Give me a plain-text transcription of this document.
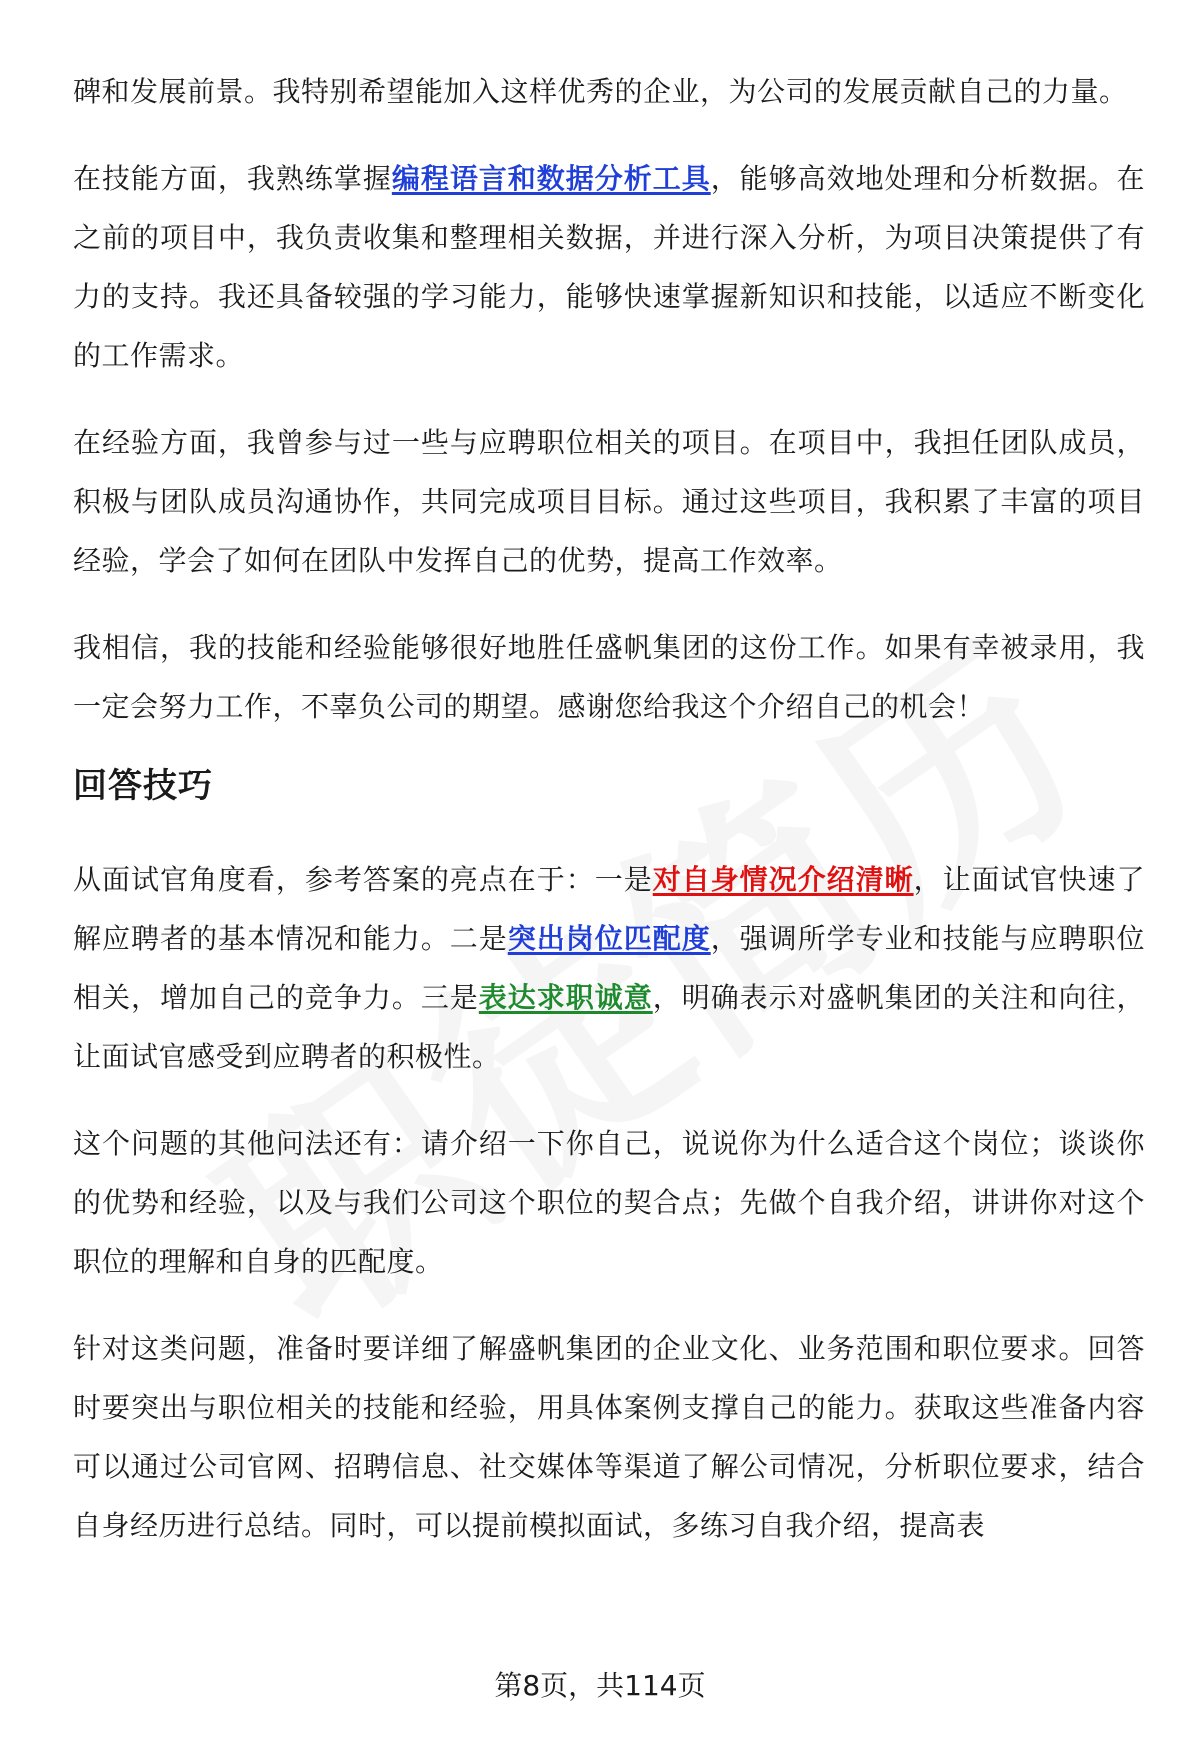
碑和发展前景。我特别希望能加入这样优秀的企业，为公司的发展贡献自己的力量。

在技能方面，我熟练掌握编程语言和数据分析工具，能够高效地处理和分析数据。在之前的项目中，我负责收集和整理相关数据，并进行深入分析，为项目决策提供了有力的支持。我还具备较强的学习能力，能够快速掌握新知识和技能，以适应不断变化的工作需求。

在经验方面，我曾参与过一些与应聘职位相关的项目。在项目中，我担任团队成员，积极与团队成员沟通协作，共同完成项目目标。通过这些项目，我积累了丰富的项目经验，学会了如何在团队中发挥自己的优势，提高工作效率。

我相信，我的技能和经验能够很好地胜任盛帆集团的这份工作。如果有幸被录用，我一定会努力工作，不辜负公司的期望。感谢您给我这个介绍自己的机会！

回答技巧

从面试官角度看，参考答案的亮点在于：一是对自身情况介绍清晰，让面试官快速了解应聘者的基本情况和能力。二是突出岗位匹配度，强调所学专业和技能与应聘职位相关，增加自己的竞争力。三是表达求职诚意，明确表示对盛帆集团的关注和向往，让面试官感受到应聘者的积极性。

这个问题的其他问法还有：请介绍一下你自己，说说你为什么适合这个岗位；谈谈你的优势和经验，以及与我们公司这个职位的契合点；先做个自我介绍，讲讲你对这个职位的理解和自身的匹配度。

针对这类问题，准备时要详细了解盛帆集团的企业文化、业务范围和职位要求。回答时要突出与职位相关的技能和经验，用具体案例支撑自己的能力。获取这些准备内容可以通过公司官网、招聘信息、社交媒体等渠道了解公司情况，分析职位要求，结合自身经历进行总结。同时，可以提前模拟面试，多练习自我介绍，提高表

第8页，共114页
